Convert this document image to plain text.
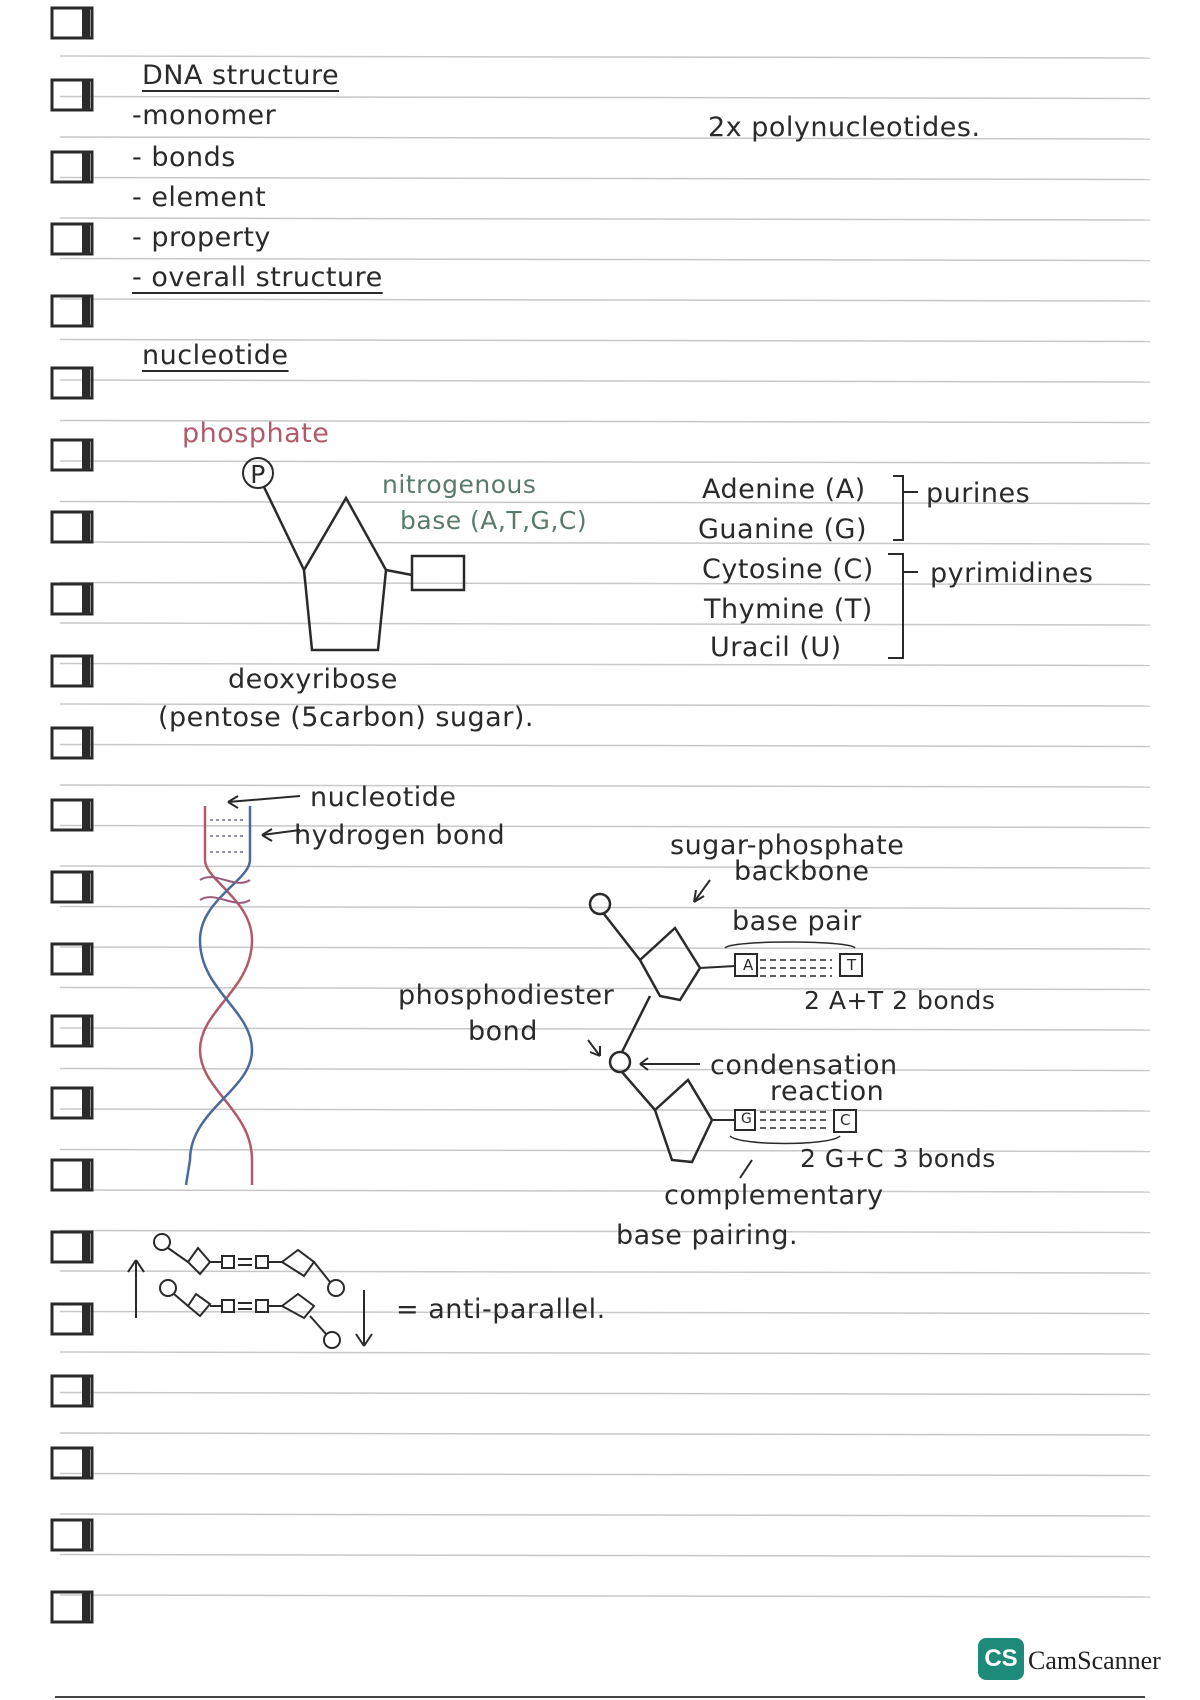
DNA structure
-monomer
- bonds
- element
- property
- overall structure
2x polynucleotides.
nucleotide
phosphate
nitrogenous
base (A,T,G,C)
P	Adenine (A)
Guanine (G)
Cytosine (C)
Thymine (T)
Uracil (U)
purines
pyrimidines
deoxyribose
(pentose (5carbon) sugar).
nucleotide
hydrogen bond	sugar-phosphate
backbone
base pair
A	T
G	C
2 A+T 2 bonds
phosphodiester
bond
condensation
reaction
2 G+C 3 bonds
complementary
base pairing.
= anti-parallel.
CS CamScanner
